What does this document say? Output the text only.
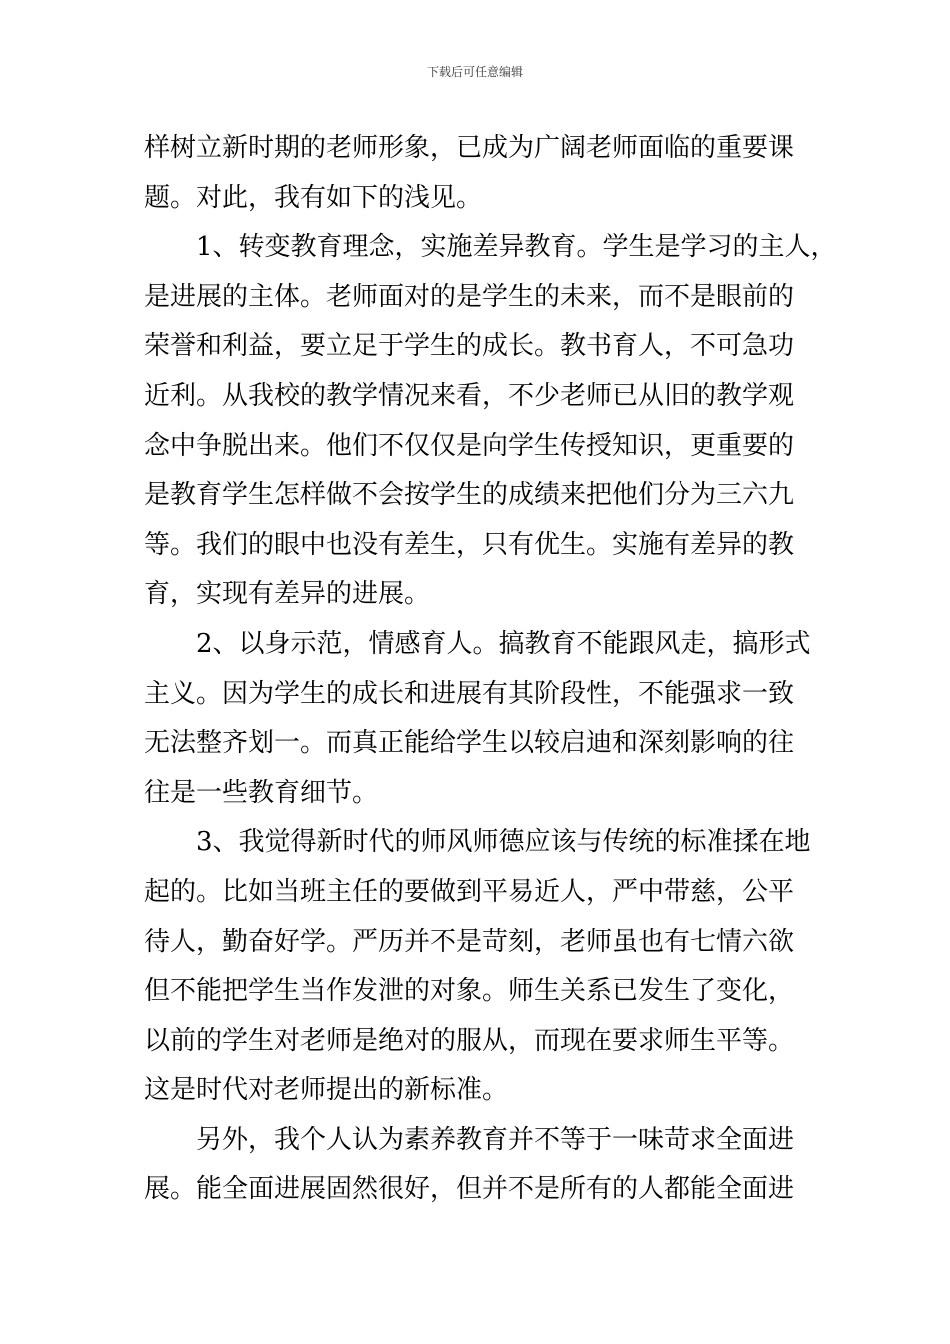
下载后可任意编辑
样树立新时期的老师形象，已成为广阔老师面临的重要课
题。对此，我有如下的浅见。
1、转变教育理念，实施差异教育。学生是学习的主人，
是进展的主体。老师面对的是学生的未来，而不是眼前的
荣誉和利益，要立足于学生的成长。教书育人，不可急功
近利。从我校的教学情况来看，不少老师已从旧的教学观
念中争脱出来。他们不仅仅是向学生传授知识，更重要的
是教育学生怎样做不会按学生的成绩来把他们分为三六九
等。我们的眼中也没有差生，只有优生。实施有差异的教
育，实现有差异的进展。
2、以身示范，情感育人。搞教育不能跟风走，搞形式
主义。因为学生的成长和进展有其阶段性，不能强求一致
无法整齐划一。而真正能给学生以较启迪和深刻影响的往
往是一些教育细节。
3、我觉得新时代的师风师德应该与传统的标准揉在地
起的。比如当班主任的要做到平易近人，严中带慈，公平
待人，勤奋好学。严历并不是苛刻，老师虽也有七情六欲
但不能把学生当作发泄的对象。师生关系已发生了变化，
以前的学生对老师是绝对的服从，而现在要求师生平等。
这是时代对老师提出的新标准。
另外，我个人认为素养教育并不等于一味苛求全面进
展。能全面进展固然很好，但并不是所有的人都能全面进
